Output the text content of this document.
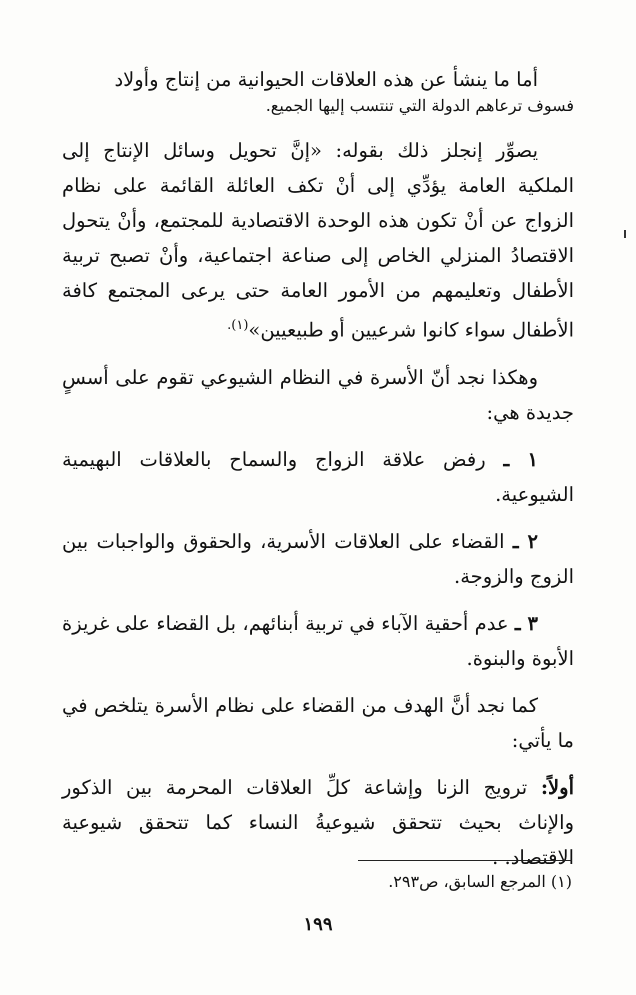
أما ما ينشأ عن هذه العلاقات الحيوانية من إنتاج وأولاد

فسوف ترعاهم الدولة التي تنتسب إليها الجميع.

يصوِّر إنجلز ذلك بقوله: «إنَّ تحويل وسائل الإنتاج إلى الملكية العامة يؤدِّي إلى أنْ تكف العائلة القائمة على نظام الزواج عن أنْ تكون هذه الوحدة الاقتصادية للمجتمع، وأنْ يتحول الاقتصادُ المنزلي الخاص إلى صناعة اجتماعية، وأنْ تصبح تربية الأطفال وتعليمهم من الأمور العامة حتى يرعى المجتمع كافة الأطفال سواء كانوا شرعيين أو طبيعيين»$^{(١).}$

وهكذا نجد أنّ الأسرة في النظام الشيوعي تقوم على أسسٍ جديدة هي:

١ ـ رفض علاقة الزواج والسماح بالعلاقات البهيمية الشيوعية.

٢ ـ القضاء على العلاقات الأسرية، والحقوق والواجبات بين الزوج والزوجة.

٣ ـ عدم أحقية الآباء في تربية أبنائهم، بل القضاء على غريزة الأبوة والبنوة.

كما نجد أنَّ الهدف من القضاء على نظام الأسرة يتلخص في ما يأتي:

أولاً: ترويج الزنا وإشاعة كلِّ العلاقات المحرمة بين الذكور والإناث بحيث تتحقق شيوعيةُ النساء كما تتحقق شيوعية الاقتصاد. .

(١) المرجع السابق، ص٢٩٣.
١٩٩
